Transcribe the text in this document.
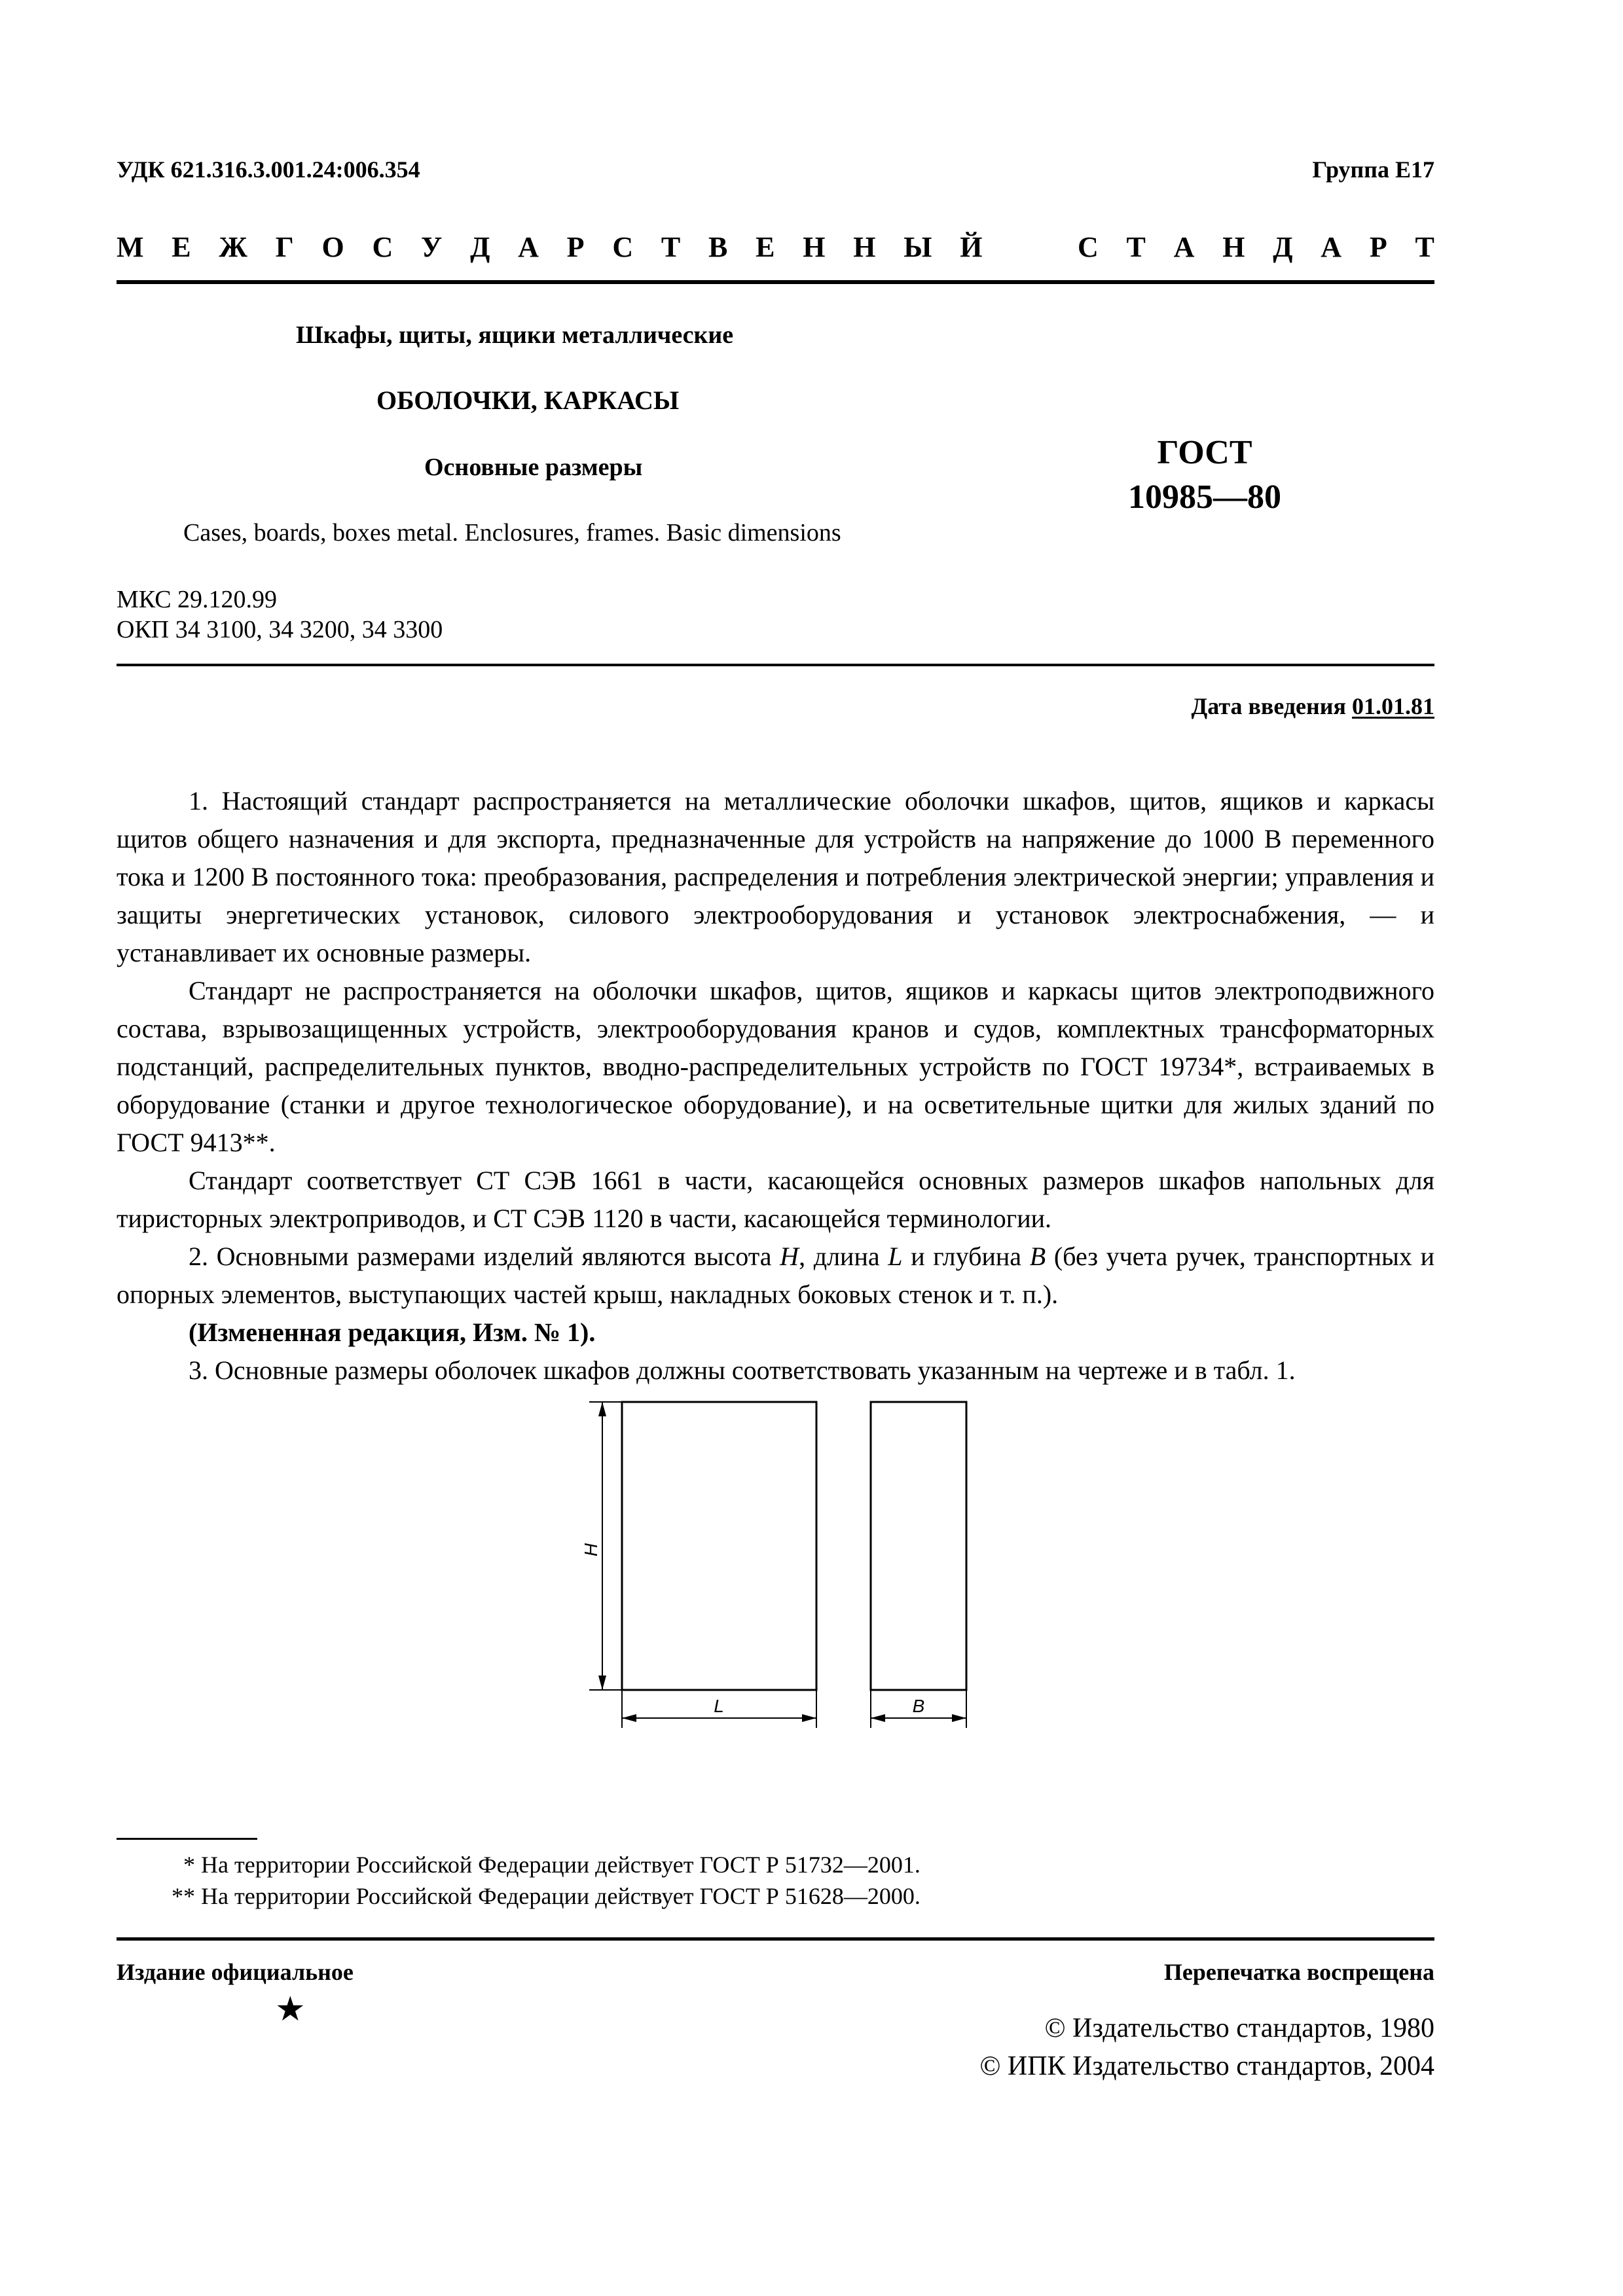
УДК 621.316.3.001.24:006.354	Группа Е17
М Е Ж Г О С У Д А Р С Т В Е Н Н Ы Й	С Т А Н Д А Р Т
Шкафы, щиты, ящики металлические
ОБОЛОЧКИ, КАРКАСЫ
Основные размеры	ГОСТ
10985—80
Cases, boards, boxes metal. Enclosures, frames. Basic dimensions
МКС 29.120.99
ОКП 34 3100, 34 3200, 34 3300
Дата введения 01.01.81

1. Настоящий стандарт распространяется на металлические оболочки шкафов, щитов, ящиков и каркасы щитов общего назначения и для экспорта, предназначенные для устройств на напряжение до 1000 В переменного тока и 1200 В постоянного тока: преобразования, распределения и потребления электрической энергии; управления и защиты энергетических установок, силового электрооборудования и установок электроснабжения, — и устанавливает их основные размеры.

Стандарт не распространяется на оболочки шкафов, щитов, ящиков и каркасы щитов электроподвижного состава, взрывозащищенных устройств, электрооборудования кранов и судов, комплектных трансформаторных подстанций, распределительных пунктов, вводно-распределительных устройств по ГОСТ 19734*, встраиваемых в оборудование (станки и другое технологическое оборудование), и на осветительные щитки для жилых зданий по ГОСТ 9413**.

Стандарт соответствует СТ СЭВ 1661 в части, касающейся основных размеров шкафов напольных для тиристорных электроприводов, и СТ СЭВ 1120 в части, касающейся терминологии.

2. Основными размерами изделий являются высота H, длина L и глубина B (без учета ручек, транспортных и опорных элементов, выступающих частей крыш, накладных боковых стенок и т. п.).

(Измененная редакция, Изм. № 1).

3. Основные размеры оболочек шкафов должны соответствовать указанным на чертеже и в табл. 1.

H
L	B
* На территории Российской Федерации действует ГОСТ Р 51732—2001.
** На территории Российской Федерации действует ГОСТ Р 51628—2000.
Издание официальное	Перепечатка воспрещена
★	© Издательство стандартов, 1980
© ИПК Издательство стандартов, 2004
